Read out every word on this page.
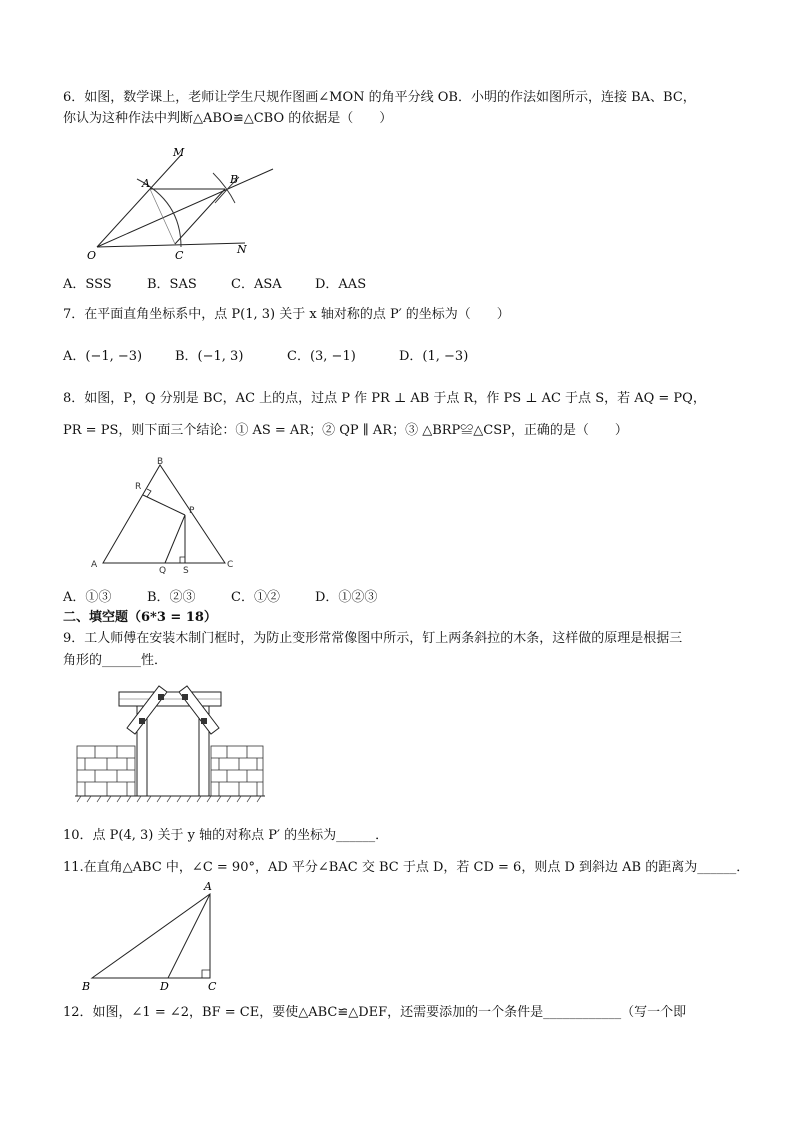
6．如图，数学课上，老师让学生尺规作图画∠MON 的角平分线 OB．小明的作法如图所示，连接 BA、BC，
你认为这种作法中判断△ABO≌△CBO 的依据是（　　）
M
A	B
O	C	N
A．SSS	B．SAS	C．ASA	D．AAS
7．在平面直角坐标系中，点 P(1, 3) 关于 x 轴对称的点 P′ 的坐标为（　　）
A．(−1, −3)	B．(−1, 3)	C．(3, −1)	D．(1, −3)
8．如图，P，Q 分别是 BC，AC 上的点，过点 P 作 PR ⊥ AB 于点 R，作 PS ⊥ AC 于点 S，若 AQ = PQ，
PR = PS，则下面三个结论：① AS = AR；② QP ∥ AR；③ △BRP≌△CSP，正确的是（　　）
B
R
P
A
Q S
C
A．①③	B．②③	C．①②	D．①②③
二、填空题（6*3 = 18）
9．工人师傅在安装木制门框时，为防止变形常常像图中所示，钉上两条斜拉的木条，这样做的原理是根据三
角形的______性．
10．点 P(4, 3) 关于 y 轴的对称点 P′ 的坐标为______．
11.在直角△ABC 中，∠C = 90°，AD 平分∠BAC 交 BC 于点 D，若 CD = 6，则点 D 到斜边 AB 的距离为______．
A
B	D	C
12．如图，∠1 = ∠2，BF = CE，要使△ABC≌△DEF，还需要添加的一个条件是____________（写一个即
